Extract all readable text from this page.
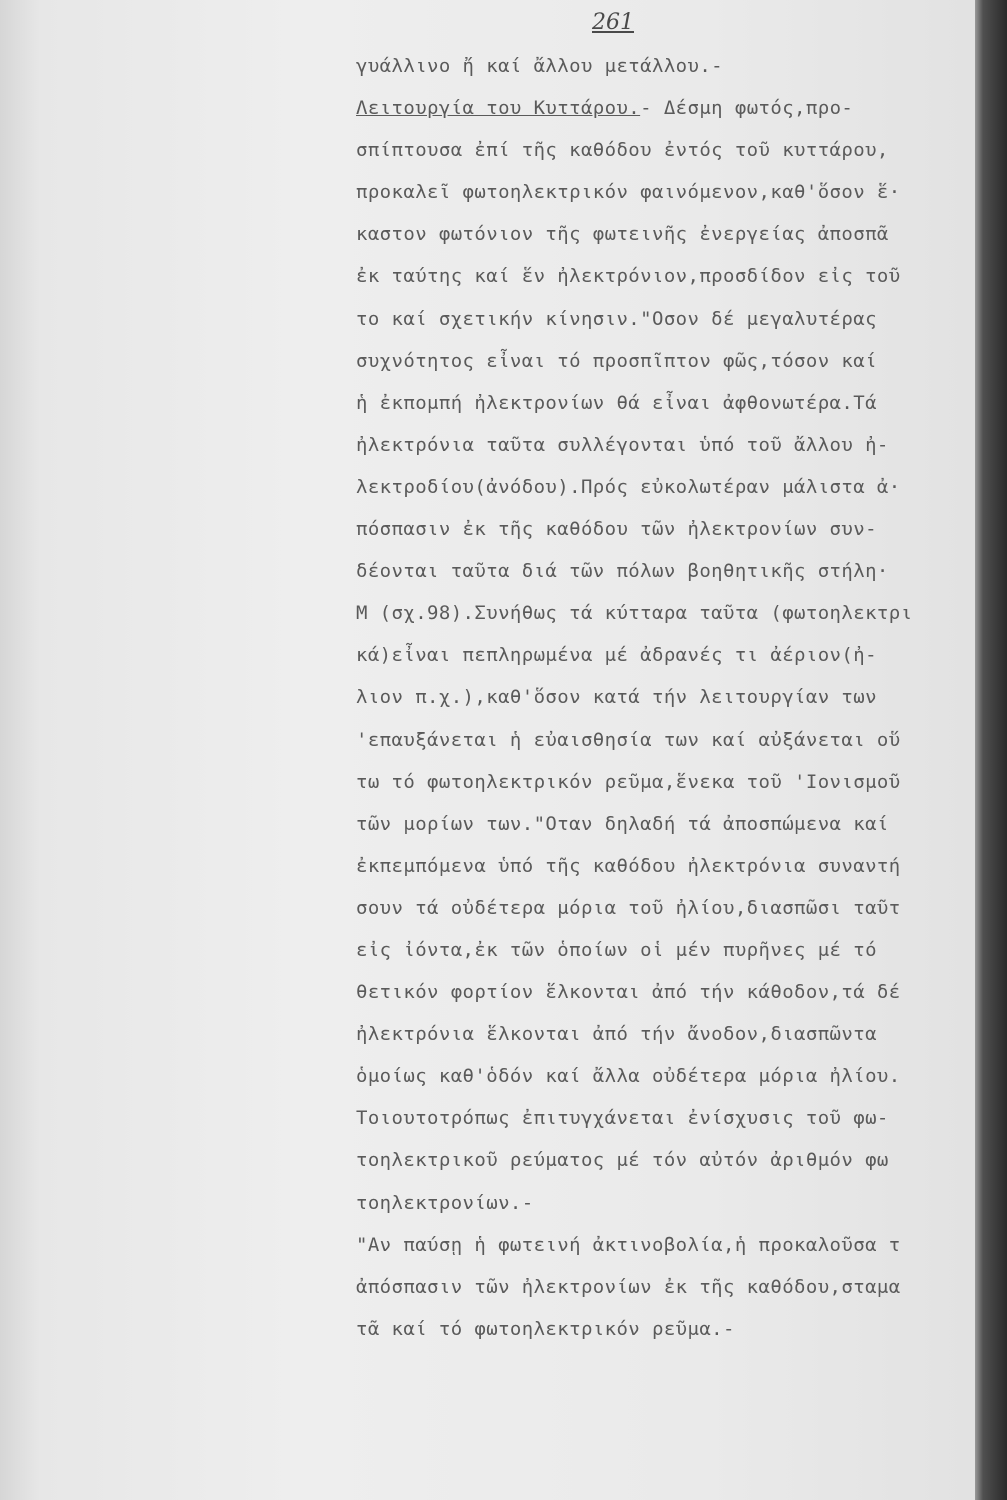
261
γυάλλινο ἤ καί ἄλλου μετάλλου.-
Λειτουργία του Κυττάρου.- Δέσμη φωτός,προ-
σπίπτουσα ἐπί τῆς καθόδου ἐντός τοῦ κυττάρου,
προκαλεῖ φωτοηλεκτρικόν φαινόμενον,καθ'ὅσον ἕ·
καστον φωτόνιον τῆς φωτεινῆς ἐνεργείας ἀποσπᾶ
ἐκ ταύτης καί ἕν ἠλεκτρόνιον,προσδίδον εἰς τοῦ
το καί σχετικήν κίνησιν."Οσον δέ μεγαλυτέρας
συχνότητος εἶναι τό προσπῖπτον φῶς,τόσον καί
ἡ ἐκπομπή ἠλεκτρονίων θά εἶναι ἀφθονωτέρα.Τά
ἠλεκτρόνια ταῦτα συλλέγονται ὑπό τοῦ ἄλλου ἠ-
λεκτροδίου(ἀνόδου).Πρός εὐκολωτέραν μάλιστα ἀ·
πόσπασιν ἐκ τῆς καθόδου τῶν ἠλεκτρονίων συν-
δέονται ταῦτα διά τῶν πόλων βοηθητικῆς στήλη·
Μ (σχ.98).Συνήθως τά κύτταρα ταῦτα (φωτοηλεκτρι
κά)εἶναι πεπληρωμένα μέ ἀδρανές τι ἀέριον(ἠ-
λιον π.χ.),καθ'ὅσον κατά τήν λειτουργίαν των
'επαυξάνεται ἡ εὐαισθησία των καί αὐξάνεται οὕ
τω τό φωτοηλεκτρικόν ρεῦμα,ἕνεκα τοῦ 'Ιονισμοῦ
τῶν μορίων των."Οταν δηλαδή τά ἀποσπώμενα καί
ἐκπεμπόμενα ὑπό τῆς καθόδου ἠλεκτρόνια συναντή
σουν τά οὐδέτερα μόρια τοῦ ἠλίου,διασπῶσι ταῦτ
εἰς ἰόντα,ἐκ τῶν ὁποίων οἱ μέν πυρῆνες μέ τό
θετικόν φορτίον ἕλκονται ἀπό τήν κάθοδον,τά δέ
ἠλεκτρόνια ἕλκονται ἀπό τήν ἄνοδον,διασπῶντα
ὁμοίως καθ'ὁδόν καί ἄλλα οὐδέτερα μόρια ἠλίου.
Τοιουτοτρόπως ἐπιτυγχάνεται ἐνίσχυσις τοῦ φω-
τοηλεκτρικοῦ ρεύματος μέ τόν αὐτόν ἀριθμόν φω
τοηλεκτρονίων.-
"Αν παύσῃ ἡ φωτεινή ἀκτινοβολία,ἡ προκαλοῦσα τ
ἀπόσπασιν τῶν ἠλεκτρονίων ἐκ τῆς καθόδου,σταμα
τᾶ καί τό φωτοηλεκτρικόν ρεῦμα.-
